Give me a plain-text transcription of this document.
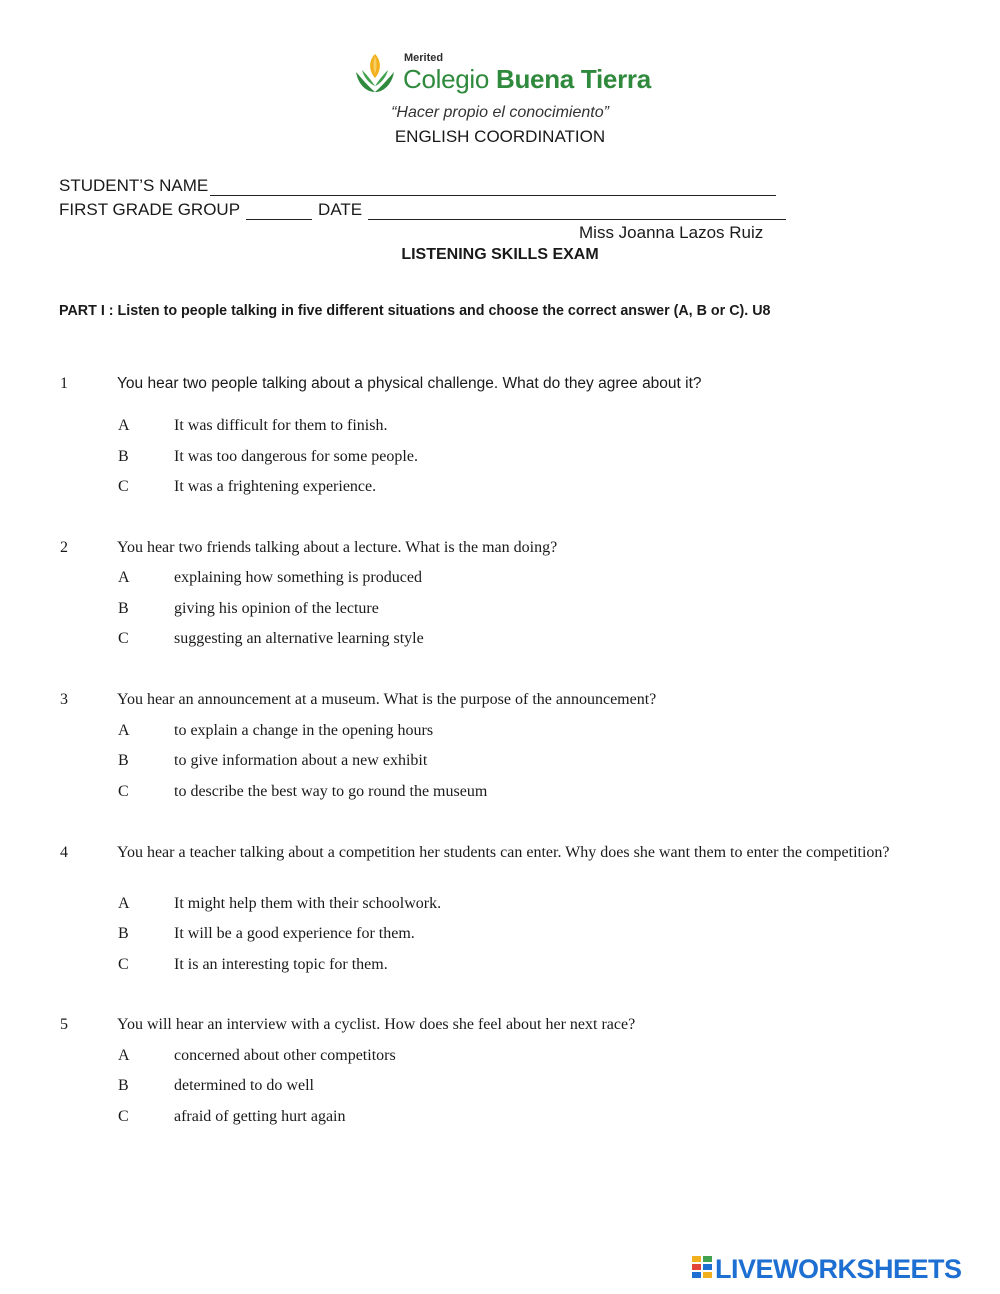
Merited
Colegio Buena Tierra
“Hacer propio el conocimiento”
ENGLISH COORDINATION
STUDENT’S NAME
FIRST GRADE GROUP	DATE
Miss Joanna Lazos Ruiz
LISTENING SKILLS EXAM
PART I : Listen to people talking in five different situations and choose the correct answer (A, B or C). U8
1	You hear two people talking about a physical challenge. What do they agree about it?
A	It was difficult for them to finish.
B	It was too dangerous for some people.
C	It was a frightening experience.
2	You hear two friends talking about a lecture. What is the man doing?
A	explaining how something is produced
B	giving his opinion of the lecture
C	suggesting an alternative learning style
3	You hear an announcement at a museum. What is the purpose of the announcement?
A	to explain a change in the opening hours
B	to give information about a new exhibit
C	to describe the best way to go round the museum
4	You hear a teacher talking about a competition her students can enter. Why does she want them to enter the competition?
A	It might help them with their schoolwork.
B	It will be a good experience for them.
C	It is an interesting topic for them.
5	You will hear an interview with a cyclist. How does she feel about her next race?
A	concerned about other competitors
B	determined to do well
C	afraid of getting hurt again
LIVEWORKSHEETS
